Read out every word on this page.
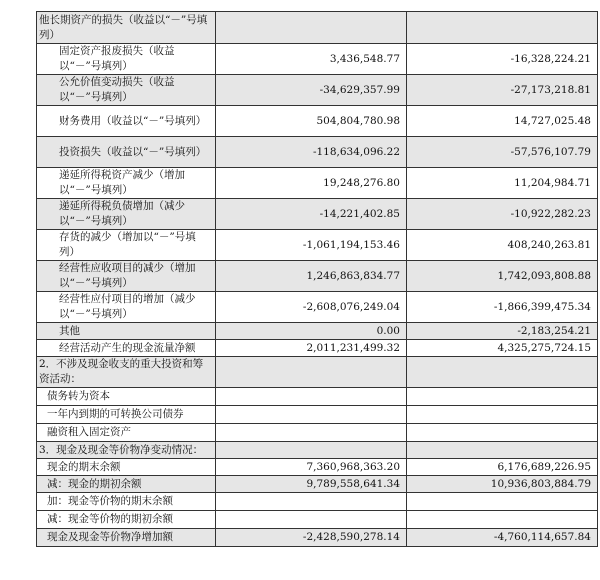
他长期资产的损失（收益以“－”号填列）		
固定资产报废损失（收益以“－”号填列）	3,436,548.77	-16,328,224.21
公允价值变动损失（收益以“－”号填列）	-34,629,357.99	-27,173,218.81
财务费用（收益以“－”号填列）	504,804,780.98	14,727,025.48
投资损失（收益以“－”号填列）	-118,634,096.22	-57,576,107.79
递延所得税资产减少（增加以“－”号填列）	19,248,276.80	11,204,984.71
递延所得税负债增加（减少以“－”号填列）	-14,221,402.85	-10,922,282.23
存货的减少（增加以“－”号填列）	-1,061,194,153.46	408,240,263.81
经营性应收项目的减少（增加以“－”号填列）	1,246,863,834.77	1,742,093,808.88
经营性应付项目的增加（减少以“－”号填列）	-2,608,076,249.04	-1,866,399,475.34
其他	0.00	-2,183,254.21
经营活动产生的现金流量净额	2,011,231,499.32	4,325,275,724.15
2．不涉及现金收支的重大投资和筹资活动：		
债务转为资本		
一年内到期的可转换公司债券		
融资租入固定资产		
3．现金及现金等价物净变动情况：		
现金的期末余额	7,360,968,363.20	6,176,689,226.95
减：现金的期初余额	9,789,558,641.34	10,936,803,884.79
加：现金等价物的期末余额		
减：现金等价物的期初余额		
现金及现金等价物净增加额	-2,428,590,278.14	-4,760,114,657.84
